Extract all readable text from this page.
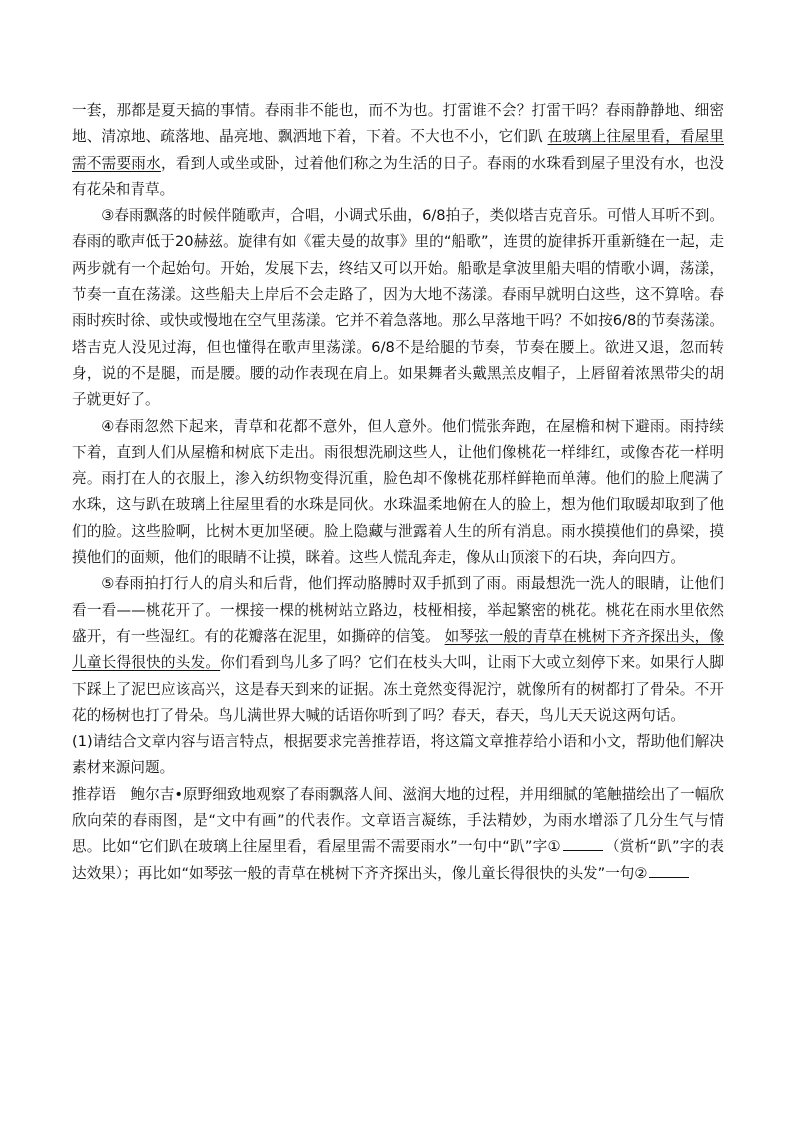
一套，那都是夏天搞的事情。春雨非不能也，而不为也。打雷谁不会？打雷干吗？春雨静静地、细密地、清凉地、疏落地、晶亮地、飘洒地下着，下着。不大也不小，它们趴 在玻璃上往屋里看，看屋里需不需要雨水，看到人或坐或卧，过着他们称之为生活的日子。春雨的水珠看到屋子里没有水，也没有花朵和青草。

③春雨飘落的时候伴随歌声，合唱，小调式乐曲，6/8拍子，类似塔吉克音乐。可惜人耳听不到。春雨的歌声低于20赫兹。旋律有如《霍夫曼的故事》里的“船歌”，连贯的旋律拆开重新缝在一起，走两步就有一个起始句。开始，发展下去，终结又可以开始。船歌是拿波里船夫唱的情歌小调，荡漾，节奏一直在荡漾。这些船夫上岸后不会走路了，因为大地不荡漾。春雨早就明白这些，这不算啥。春雨时疾时徐、或快或慢地在空气里荡漾。它并不着急落地。那么早落地干吗？不如按6/8的节奏荡漾。塔吉克人没见过海，但也懂得在歌声里荡漾。6/8不是给腿的节奏，节奏在腰上。欲进又退，忽而转身，说的不是腿，而是腰。腰的动作表现在肩上。如果舞者头戴黑羔皮帽子，上唇留着浓黑带尖的胡子就更好了。

④春雨忽然下起来，青草和花都不意外，但人意外。他们慌张奔跑，在屋檐和树下避雨。雨持续下着，直到人们从屋檐和树底下走出。雨很想洗刷这些人，让他们像桃花一样绯红，或像杏花一样明亮。雨打在人的衣服上，渗入纺织物变得沉重，脸色却不像桃花那样鲜艳而单薄。他们的脸上爬满了水珠，这与趴在玻璃上往屋里看的水珠是同伙。水珠温柔地俯在人的脸上，想为他们取暖却取到了他们的脸。这些脸啊，比树木更加坚硬。脸上隐藏与泄露着人生的所有消息。雨水摸摸他们的鼻梁，摸摸他们的面颊，他们的眼睛不让摸，眯着。这些人慌乱奔走，像从山顶滚下的石块，奔向四方。

⑤春雨拍打行人的肩头和后背，他们挥动胳膊时双手抓到了雨。雨最想洗一洗人的眼睛，让他们看一看——桃花开了。一棵接一棵的桃树站立路边，枝桠相接，举起繁密的桃花。桃花在雨水里依然盛开，有一些湿红。有的花瓣落在泥里，如撕碎的信笺。 如琴弦一般的青草在桃树下齐齐探出头，像儿童长得很快的头发。你们看到鸟儿多了吗？它们在枝头大叫，让雨下大或立刻停下来。如果行人脚下踩上了泥巴应该高兴，这是春天到来的证据。冻土竟然变得泥泞，就像所有的树都打了骨朵。不开花的杨树也打了骨朵。鸟儿满世界大喊的话语你听到了吗？春天，春天，鸟儿天天说这两句话。

(1)请结合文章内容与语言特点，根据要求完善推荐语，将这篇文章推荐给小语和小文，帮助他们解决素材来源问题。

推荐语　 鲍尔吉•原野细致地观察了春雨飘落人间、滋润大地的过程，并用细腻的笔触描绘出了一幅欣欣向荣的春雨图，是“文中有画”的代表作。文章语言凝练，手法精妙，为雨水增添了几分生气与情思。比如“它们趴在玻璃上往屋里看，看屋里需不需要雨水”一句中“趴”字①	（赏析“趴”字的表达效果）；再比如“如琴弦一般的青草在桃树下齐齐探出头，像儿童长得很快的头发”一句②
